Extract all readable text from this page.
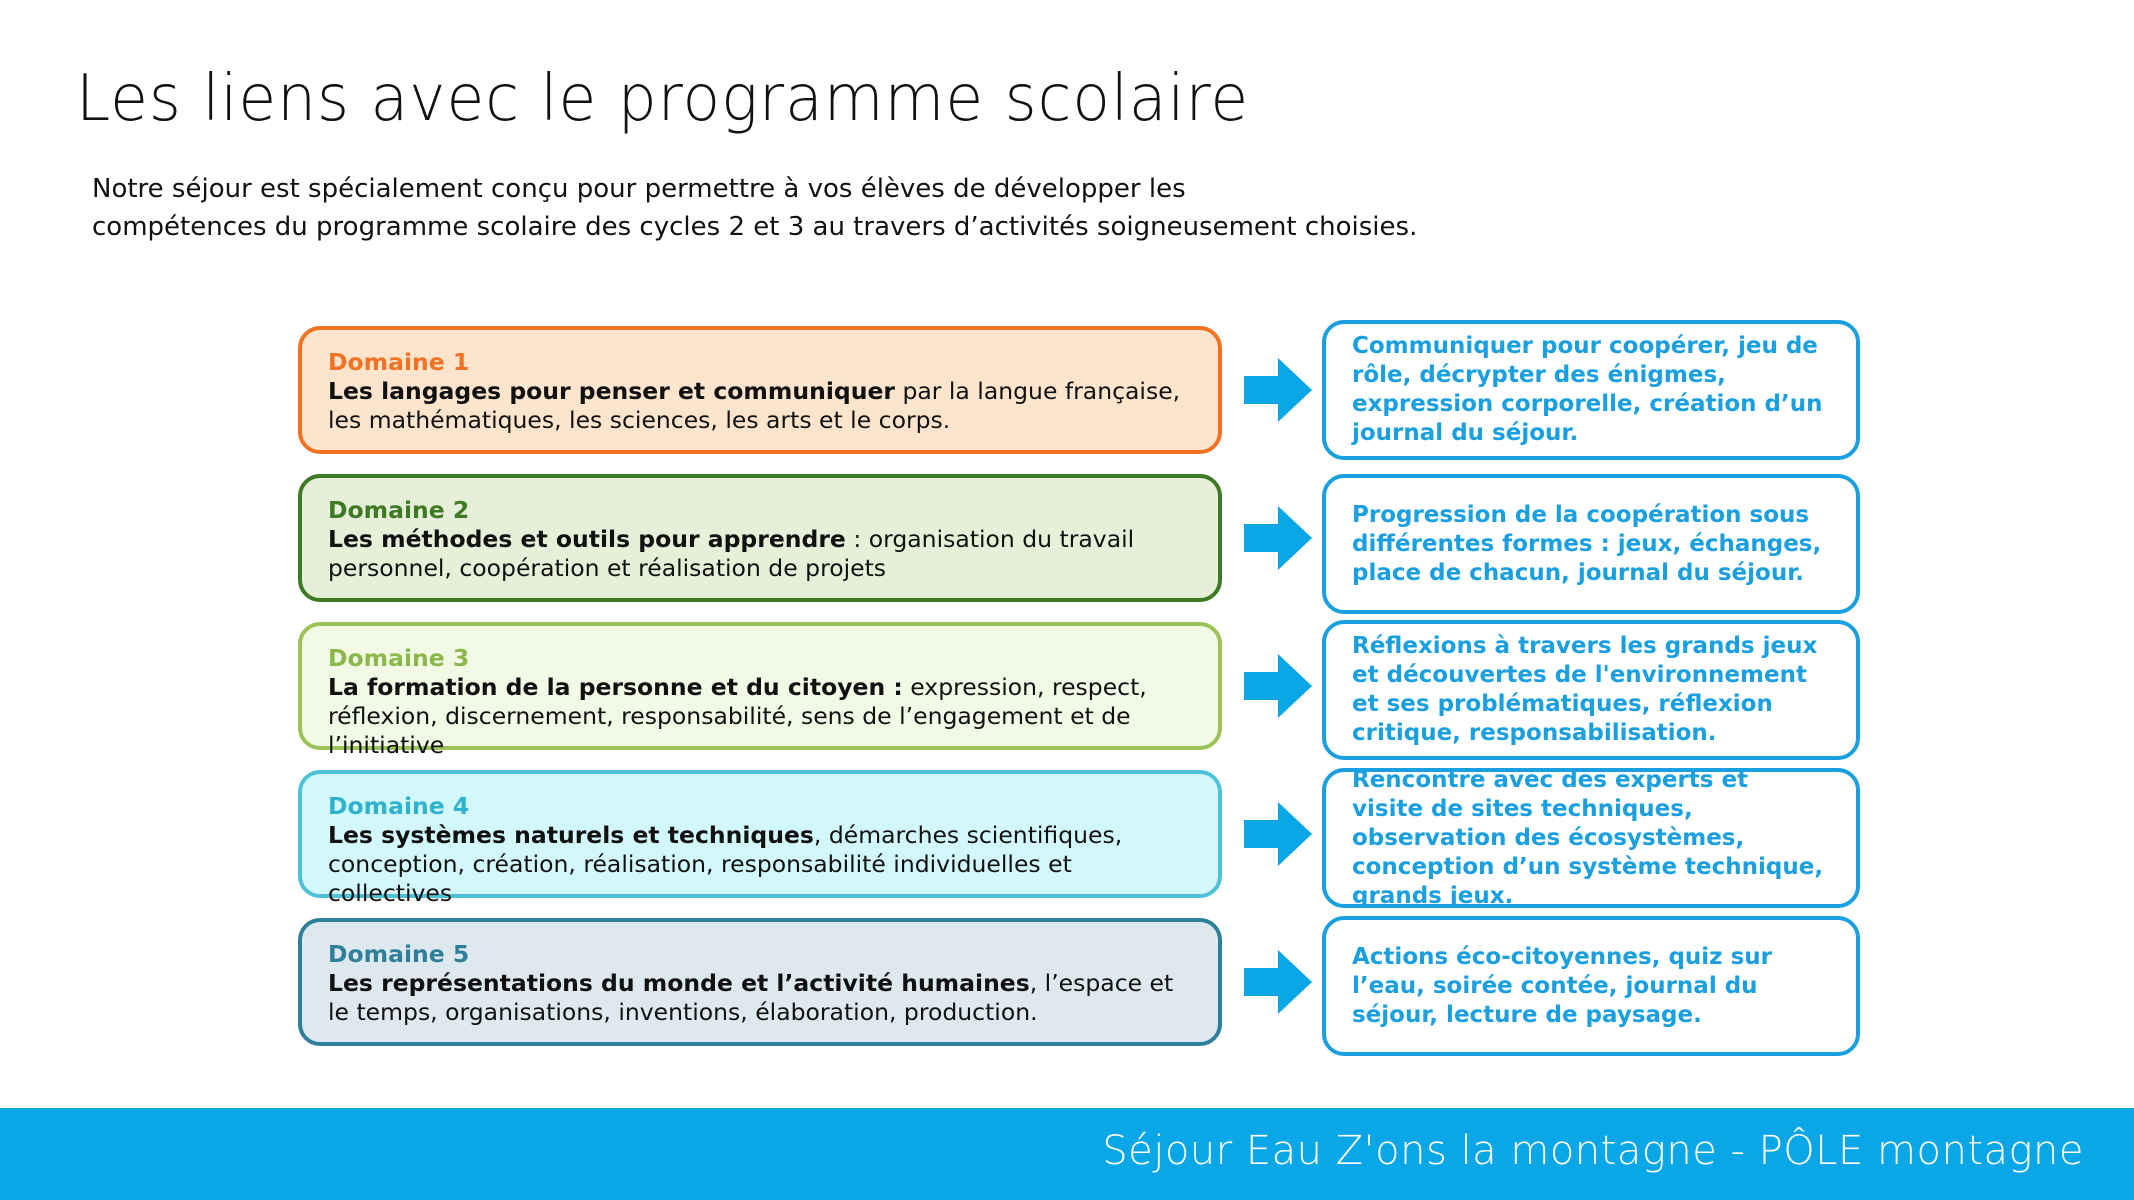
Les liens avec le programme scolaire

Notre séjour est spécialement conçu pour permettre à vos élèves de développer les

compétences du programme scolaire des cycles 2 et 3 au travers d’activités soigneusement choisies.

Domaine 1
Les langages pour penser et communiquer par la langue française, les mathématiques, les sciences, les arts et le corps.
Communiquer pour coopérer, jeu de rôle, décrypter des énigmes, expression corporelle, création d’un journal du séjour.
Domaine 2
Les méthodes et outils pour apprendre : organisation du travail personnel, coopération et réalisation de projets
Progression de la coopération sous différentes formes : jeux, échanges, place de chacun, journal du séjour.
Domaine 3
La formation de la personne et du citoyen : expression, respect, réflexion, discernement, responsabilité, sens de l’engagement et de l’initiative
Réflexions à travers les grands jeux et découvertes de l'environnement et ses problématiques, réflexion critique, responsabilisation.
Domaine 4
Les systèmes naturels et techniques, démarches scientifiques, conception, création, réalisation, responsabilité individuelles et collectives
Rencontre avec des experts et visite de sites techniques, observation des écosystèmes, conception d’un système technique, grands jeux.
Domaine 5
Les représentations du monde et l’activité humaines, l’espace et le temps, organisations, inventions, élaboration, production.
Actions éco-citoyennes, quiz sur l’eau, soirée contée, journal du séjour, lecture de paysage.
Séjour Eau Z'ons la montagne - PÔLE montagne
